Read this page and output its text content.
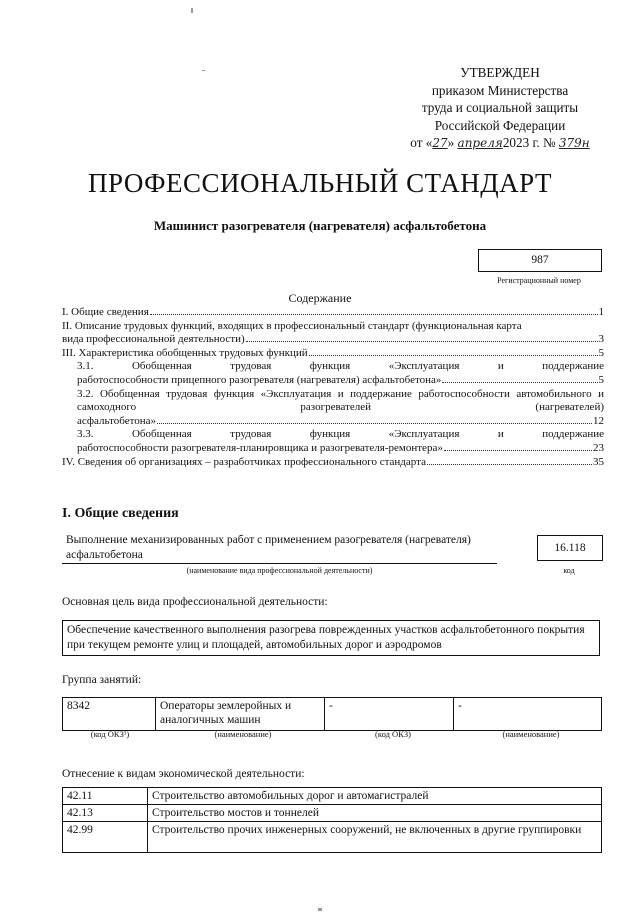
УТВЕРЖДЕН
приказом Министерства
труда и социальной защиты
Российской Федерации
от «27» апреля2023 г. № 379н
ПРОФЕССИОНАЛЬНЫЙ СТАНДАРТ
Машинист разогревателя (нагревателя) асфальтобетона
987
Регистрационный номер
Содержание
I. Общие сведения	1
II. Описание трудовых функций, входящих в профессиональный стандарт (функциональная карта
вида профессиональной деятельности)	3
III. Характеристика обобщенных трудовых функций	5
3.1. Обобщенная трудовая функция «Эксплуатация и поддержание
работоспособности прицепного разогревателя (нагревателя) асфальтобетона»	5
3.2. Обобщенная трудовая функция «Эксплуатация и поддержание работоспособности автомобильного и самоходного разогревателей (нагревателей)
асфальтобетона»	12
3.3. Обобщенная трудовая функция «Эксплуатация и поддержание
работоспособности разогревателя-планировщика и разогревателя-ремонтера»	23
IV. Сведения об организациях – разработчиках профессионального стандарта	35
I. Общие сведения
Выполнение механизированных работ с применением разогревателя (нагревателя) асфальтобетона
(наименование вида профессиональной деятельности)
16.118
код
Основная цель вида профессиональной деятельности:
Обеспечение качественного выполнения разогрева поврежденных участков асфальтобетонного покрытия при текущем ремонте улиц и площадей, автомобильных дорог и аэродромов
Группа занятий:
8342	Операторы землеройных и аналогичных машин	-	-
(код ОКЗ¹)	(наименование)	(код ОКЗ)	(наименование)
Отнесение к видам экономической деятельности:
42.11	Строительство автомобильных дорог и автомагистралей
42.13	Строительство мостов и тоннелей
42.99	Строительство прочих инженерных сооружений, не включенных в другие группировки
